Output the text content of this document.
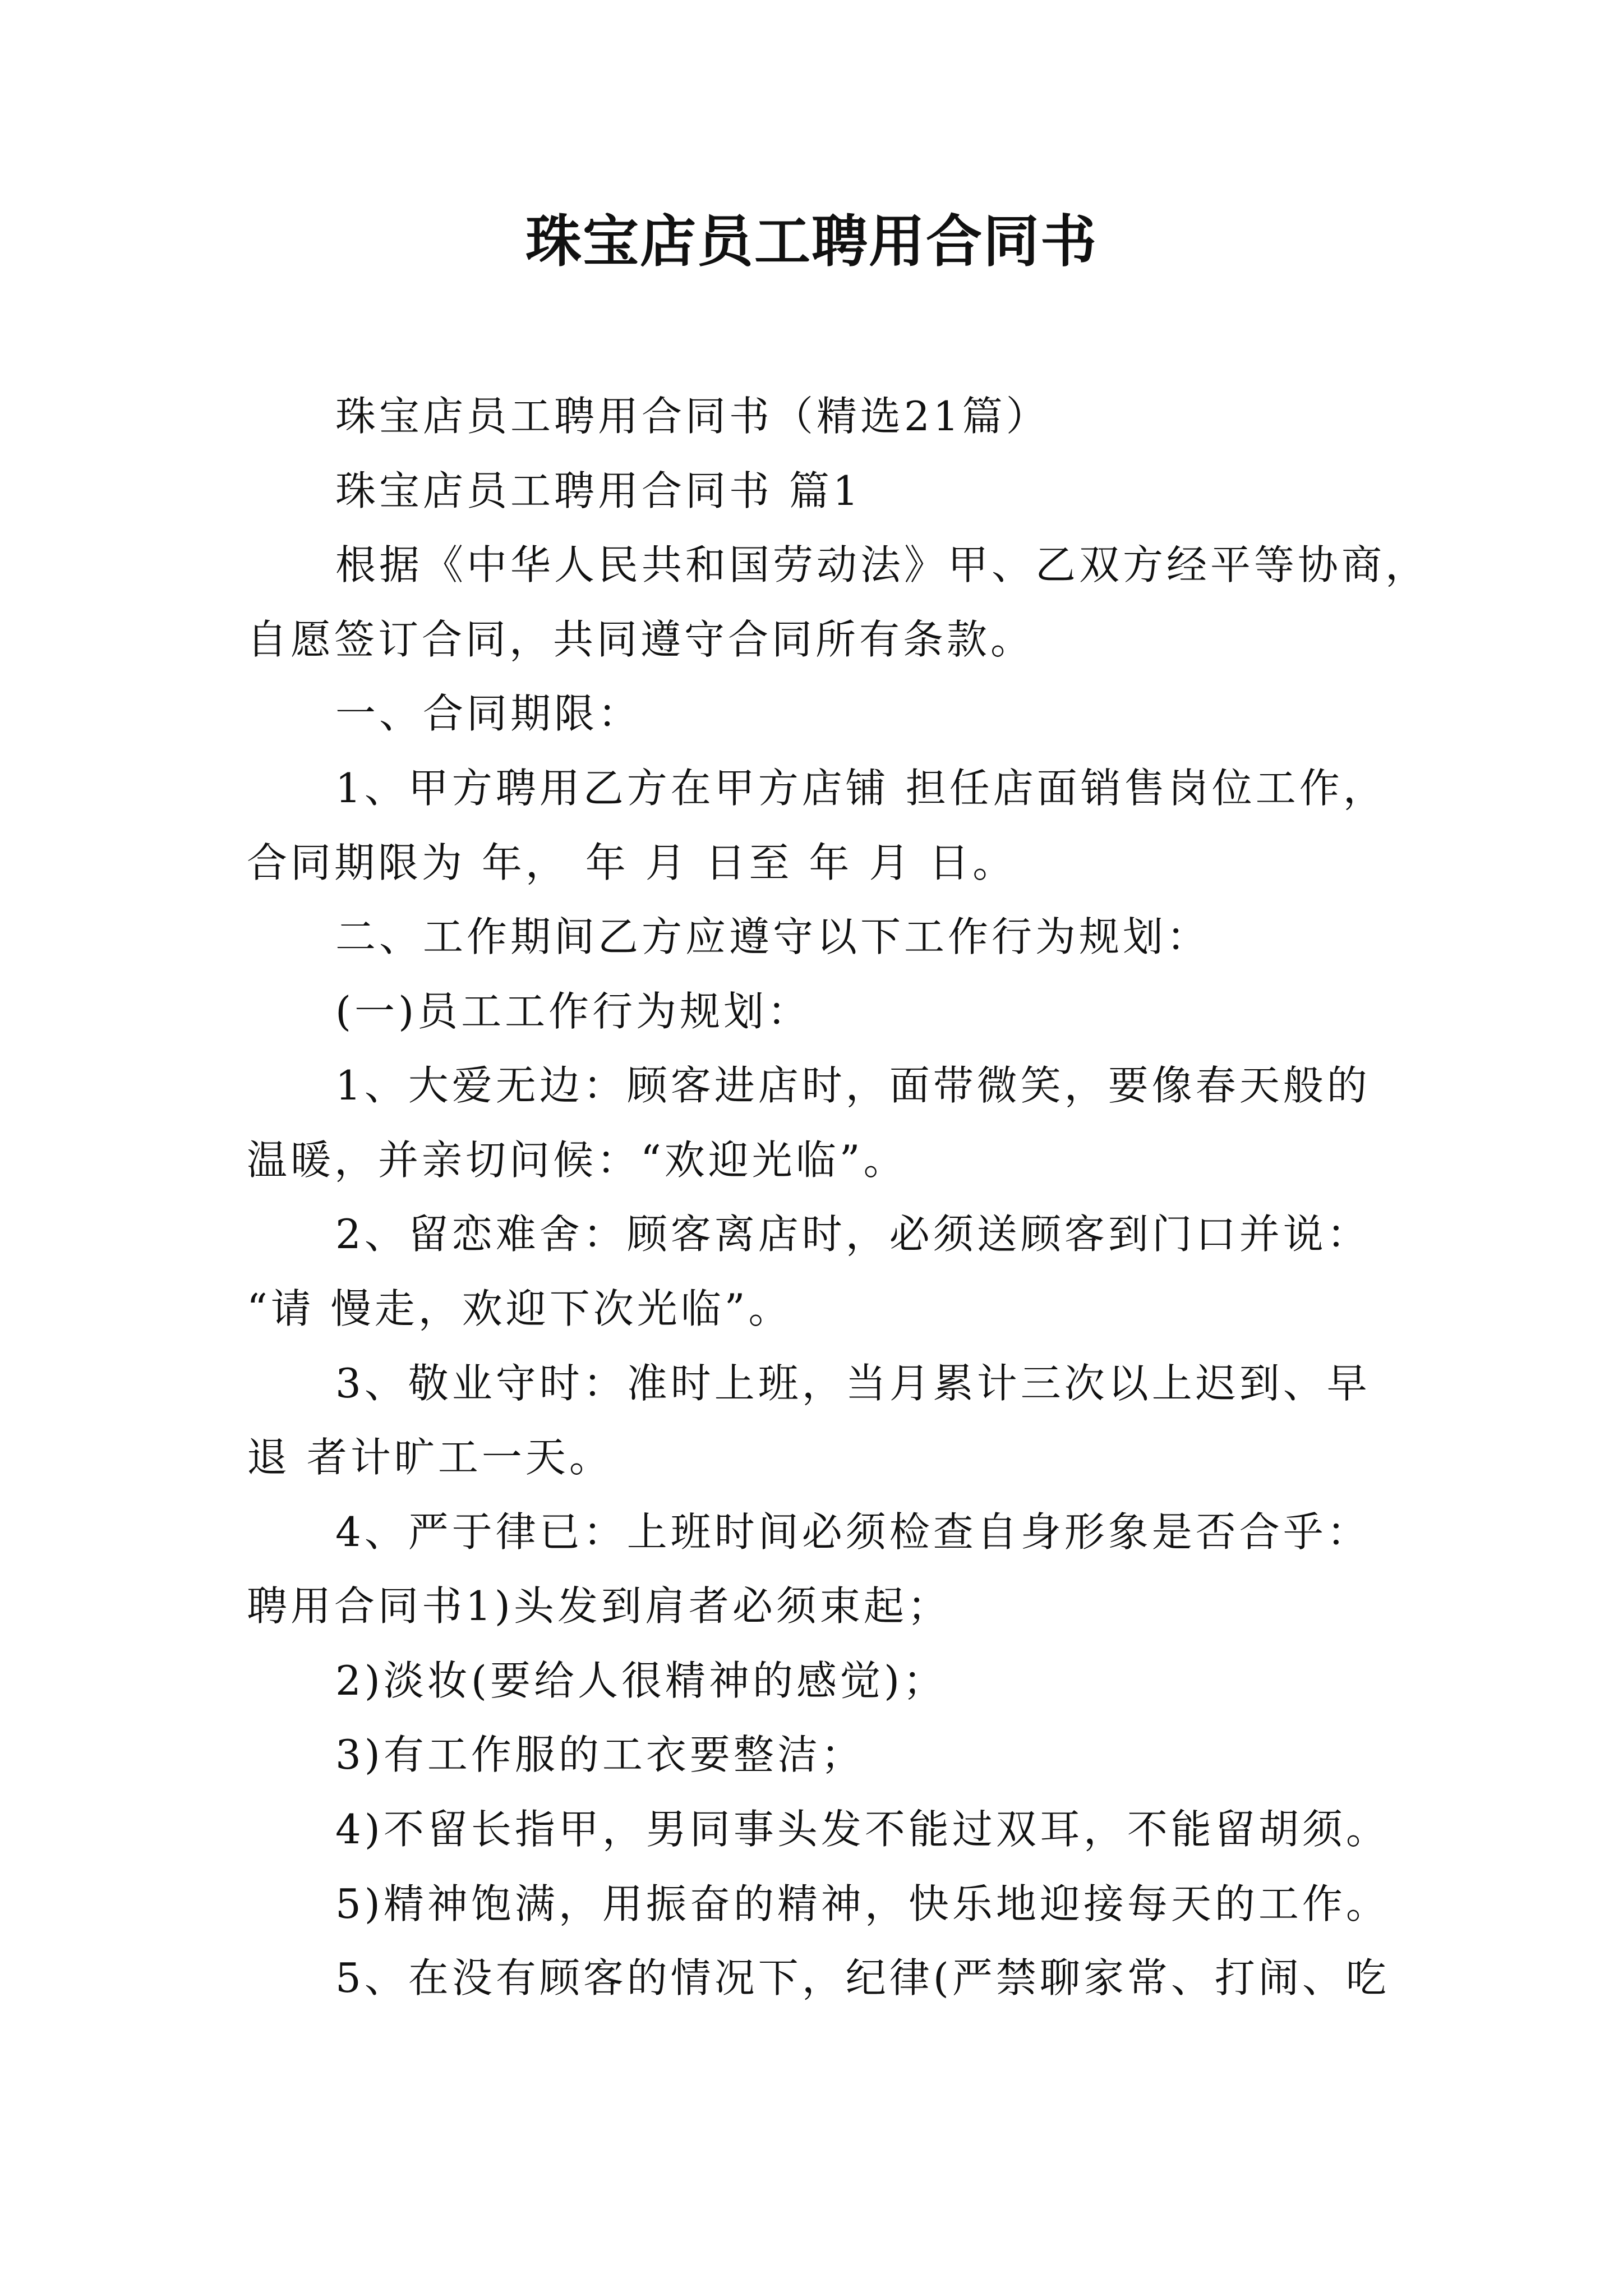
珠宝店员工聘用合同书
珠宝店员工聘用合同书（精选21篇）
珠宝店员工聘用合同书 篇1
根据《中华人民共和国劳动法》甲、乙双方经平等协商，
自愿签订合同，共同遵守合同所有条款。
一、合同期限：
1、甲方聘用乙方在甲方店铺 担任店面销售岗位工作，
合同期限为 年， 年 月 日至 年 月 日。
二、工作期间乙方应遵守以下工作行为规划：
(一)员工工作行为规划：
1、大爱无边：顾客进店时，面带微笑，要像春天般的
温暖，并亲切问候：“欢迎光临”。
2、留恋难舍：顾客离店时，必须送顾客到门口并说：
“请 慢走，欢迎下次光临”。
3、敬业守时：准时上班，当月累计三次以上迟到、早
退 者计旷工一天。
4、严于律已：上班时间必须检查自身形象是否合乎：
聘用合同书1)头发到肩者必须束起；
2)淡妆(要给人很精神的感觉)；
3)有工作服的工衣要整洁；
4)不留长指甲，男同事头发不能过双耳，不能留胡须。
5)精神饱满，用振奋的精神，快乐地迎接每天的工作。
5、在没有顾客的情况下，纪律(严禁聊家常、打闹、吃
